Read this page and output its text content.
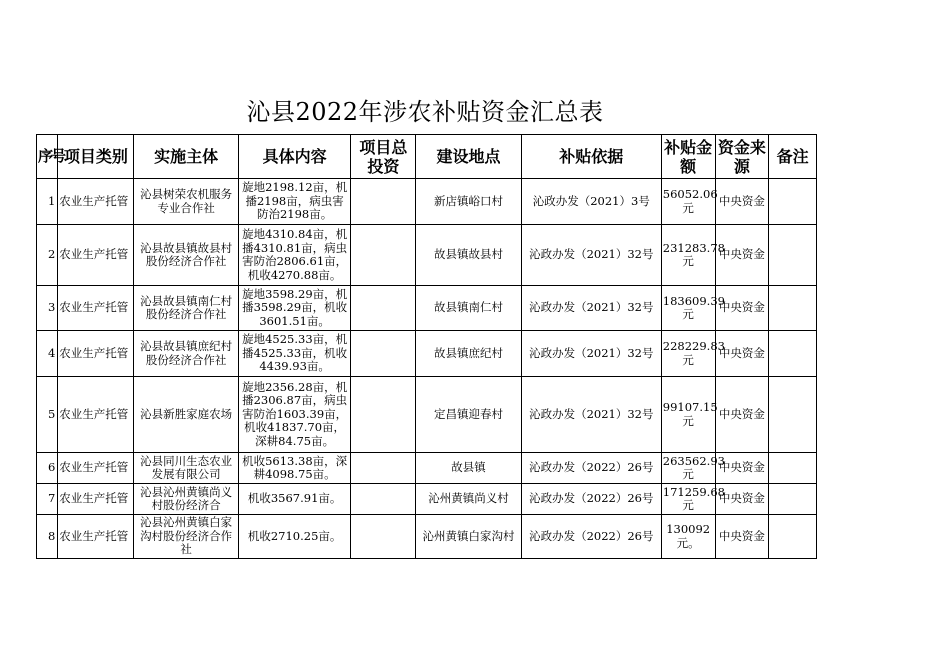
沁县2022年涉农补贴资金汇总表
序号	项目类别	实施主体	具体内容	项目总投资	建设地点	补贴依据	补贴金额	资金来源	备注
1	农业生产托管	沁县树荣农机服务专业合作社	旋地2198.12亩，机播2198亩，病虫害防治2198亩。		新店镇峪口村	沁政办发（2021）3号	56052.06元	中央资金	
2	农业生产托管	沁县故县镇故县村股份经济合作社	旋地4310.84亩，机播4310.81亩，病虫害防治2806.61亩，机收4270.88亩。		故县镇故县村	沁政办发（2021）32号	231283.78元	中央资金	
3	农业生产托管	沁县故县镇南仁村股份经济合作社	旋地3598.29亩，机播3598.29亩，机收3601.51亩。		故县镇南仁村	沁政办发（2021）32号	183609.39元	中央资金	
4	农业生产托管	沁县故县镇庶纪村股份经济合作社	旋地4525.33亩，机播4525.33亩，机收4439.93亩。		故县镇庶纪村	沁政办发（2021）32号	228229.83元	中央资金	
5	农业生产托管	沁县新胜家庭农场	旋地2356.28亩，机播2306.87亩，病虫害防治1603.39亩，机收41837.70亩，深耕84.75亩。		定昌镇迎春村	沁政办发（2021）32号	99107.15元	中央资金	
6	农业生产托管	沁县同川生态农业发展有限公司	机收5613.38亩，深耕4098.75亩。		故县镇	沁政办发（2022）26号	263562.93元	中央资金	
7	农业生产托管	沁县沁州黄镇尚义村股份经济合	机收3567.91亩。		沁州黄镇尚义村	沁政办发（2022）26号	171259.68元	中央资金	
8	农业生产托管	沁县沁州黄镇白家沟村股份经济合作社	机收2710.25亩。		沁州黄镇白家沟村	沁政办发（2022）26号	130092元。	中央资金	
